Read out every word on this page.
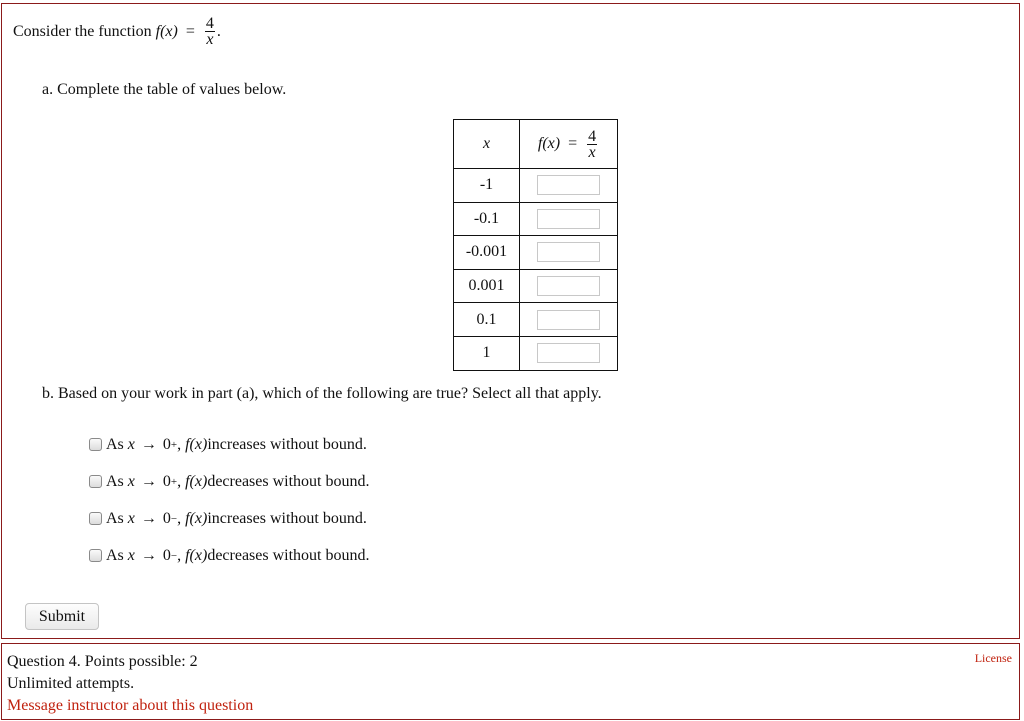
Consider the function
f $(x) = \frac{4}{x}$ .
a. Complete the table of values below.
x	$f(x) = \frac{4}{x}$

-1	
-0.1	
-0.001	
0.001	
0.1	
1	
b. Based on your work in part (a), which of the following are true? Select all that apply.
As
x → 0 + ,
f(x) increases without bound.
As
x → 0 + ,
f(x) decreases without bound.
As
x → 0 − ,
f(x) increases without bound.
As
x → 0 − ,
f(x) decreases without bound.
Submit
Question 4. Points possible: 2
Unlimited attempts.
Message instructor about this question
License
